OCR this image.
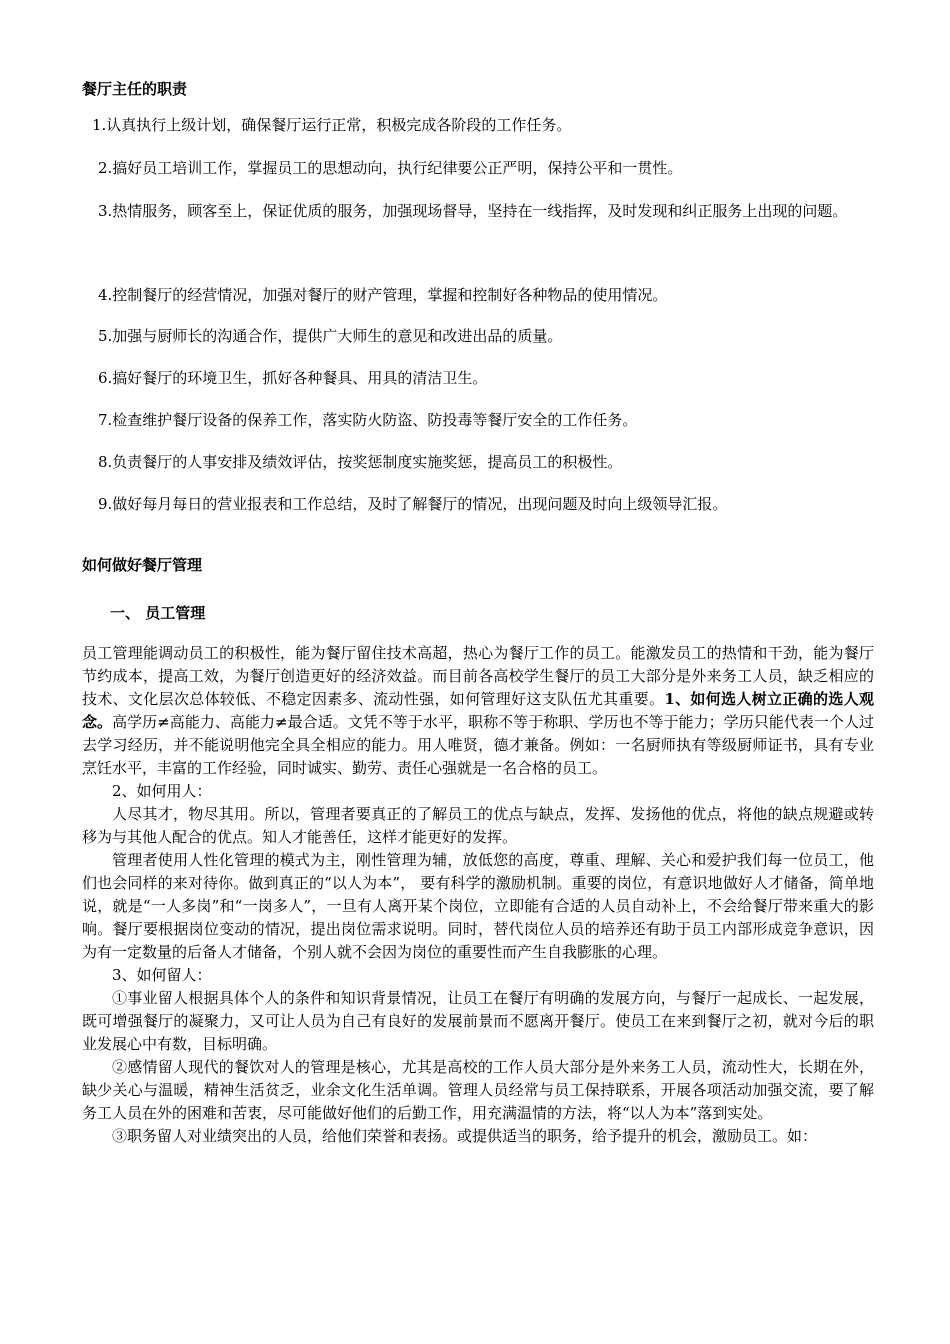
餐厅主任的职责
1.认真执行上级计划，确保餐厅运行正常，积极完成各阶段的工作任务。
2.搞好员工培训工作，掌握员工的思想动向，执行纪律要公正严明，保持公平和一贯性。
3.热情服务，顾客至上，保证优质的服务，加强现场督导，坚持在一线指挥，及时发现和纠正服务上出现的问题。
4.控制餐厅的经营情况，加强对餐厅的财产管理，掌握和控制好各种物品的使用情况。
5.加强与厨师长的沟通合作，提供广大师生的意见和改进出品的质量。
6.搞好餐厅的环境卫生，抓好各种餐具、用具的清洁卫生。
7.检查维护餐厅设备的保养工作，落实防火防盗、防投毒等餐厅安全的工作任务。
8.负责餐厅的人事安排及绩效评估，按奖惩制度实施奖惩，提高员工的积极性。
9.做好每月每日的营业报表和工作总结，及时了解餐厅的情况，出现问题及时向上级领导汇报。
如何做好餐厅管理
一、 员工管理

员工管理能调动员工的积极性，能为餐厅留住技术高超，热心为餐厅工作的员工。能激发员工的热情和干劲，能为餐厅节约成本，提高工效，为餐厅创造更好的经济效益。而目前各高校学生餐厅的员工大部分是外来务工人员，缺乏相应的技术、文化层次总体较低、不稳定因素多、流动性强，如何管理好这支队伍尤其重要。1、如何选人树立正确的选人观念。高学历≠高能力、高能力≠最合适。文凭不等于水平，职称不等于称职、学历也不等于能力；学历只能代表一个人过去学习经历，并不能说明他完全具全相应的能力。用人唯贤，德才兼备。例如：一名厨师执有等级厨师证书，具有专业烹饪水平，丰富的工作经验，同时诚实、勤劳、责任心强就是一名合格的员工。

2、如何用人：

人尽其才，物尽其用。所以，管理者要真正的了解员工的优点与缺点，发挥、发扬他的优点，将他的缺点规避或转移为与其他人配合的优点。知人才能善任，这样才能更好的发挥。

管理者使用人性化管理的模式为主，刚性管理为辅，放低您的高度，尊重、理解、关心和爱护我们每一位员工，他们也会同样的来对待你。做到真正的“以人为本”， 要有科学的激励机制。重要的岗位，有意识地做好人才储备，简单地说，就是“一人多岗”和“一岗多人”，一旦有人离开某个岗位，立即能有合适的人员自动补上，不会给餐厅带来重大的影响。餐厅要根据岗位变动的情况，提出岗位需求说明。同时，替代岗位人员的培养还有助于员工内部形成竞争意识，因为有一定数量的后备人才储备，个别人就不会因为岗位的重要性而产生自我膨胀的心理。

3、如何留人：

①事业留人根据具体个人的条件和知识背景情况，让员工在餐厅有明确的发展方向，与餐厅一起成长、一起发展，既可增强餐厅的凝聚力，又可让人员为自己有良好的发展前景而不愿离开餐厅。使员工在来到餐厅之初，就对今后的职业发展心中有数，目标明确。

②感情留人现代的餐饮对人的管理是核心，尤其是高校的工作人员大部分是外来务工人员，流动性大，长期在外，缺少关心与温暖，精神生活贫乏，业余文化生活单调。管理人员经常与员工保持联系，开展各项活动加强交流，要了解务工人员在外的困难和苦衷，尽可能做好他们的后勤工作，用充满温情的方法，将“以人为本”落到实处。

③职务留人对业绩突出的人员，给他们荣誉和表扬。或提供适当的职务，给予提升的机会，激励员工。如：
